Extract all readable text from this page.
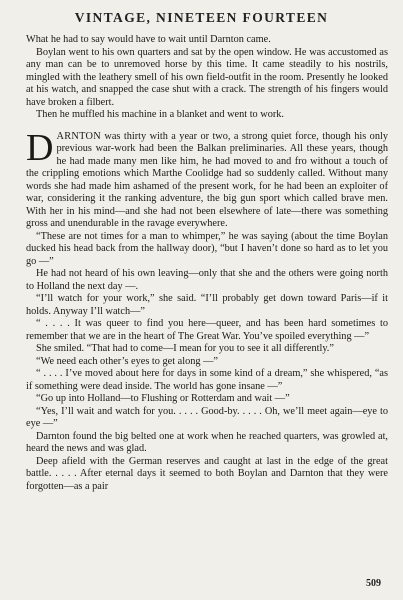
VINTAGE, NINETEEN FOURTEEN

What he had to say would have to wait until Darnton came.

Boylan went to his own quarters and sat by the open window. He was accustomed as any man can be to unremoved horse by this time. It came steadily to his nostrils, mingled with the leathery smell of his own field-outfit in the room. Presently he looked at his watch, and snapped the case shut with a crack. The strength of his fingers would have broken a filbert.

Then he muffled his machine in a blanket and went to work.

DARNTON was thirty with a year or two, a strong quiet force, though his only previous war-work had been the Balkan preliminaries. All these years, though he had made many men like him, he had moved to and fro without a touch of the crippling emotions which Marthe Coolidge had so suddenly called. Without many words she had made him ashamed of the present work, for he had been an exploiter of war, considering it the ranking adventure, the big gun sport which called brave men. With her in his mind—and she had not been elsewhere of late—there was something gross and unendurable in the ravage everywhere.

“These are not times for a man to whimper,” he was saying (about the time Boylan ducked his head back from the hallway door), “but I haven’t done so hard as to let you go —”

He had not heard of his own leaving—only that she and the others were going north to Holland the next day —.

“I’ll watch for your work,” she said. “I’ll probably get down toward Paris—if it holds. Anyway I’ll watch—”

“ . . . . It was queer to find you here—queer, and has been hard sometimes to remember that we are in the heart of The Great War. You’ve spoiled everything —”

She smiled. “That had to come—I mean for you to see it all differently.”

“We need each other’s eyes to get along —”

“ . . . . I’ve moved about here for days in some kind of a dream,” she whispered, “as if something were dead inside. The world has gone insane —”

“Go up into Holland—to Flushing or Rotterdam and wait —”

“Yes, I’ll wait and watch for you. . . . . Good-by. . . . . Oh, we’ll meet again—eye to eye —”

Darnton found the big belted one at work when he reached quarters, was growled at, heard the news and was glad.

Deep afield with the German reserves and caught at last in the edge of the great battle. . . . . After eternal days it seemed to both Boylan and Darnton that they were forgotten—as a pair

509
